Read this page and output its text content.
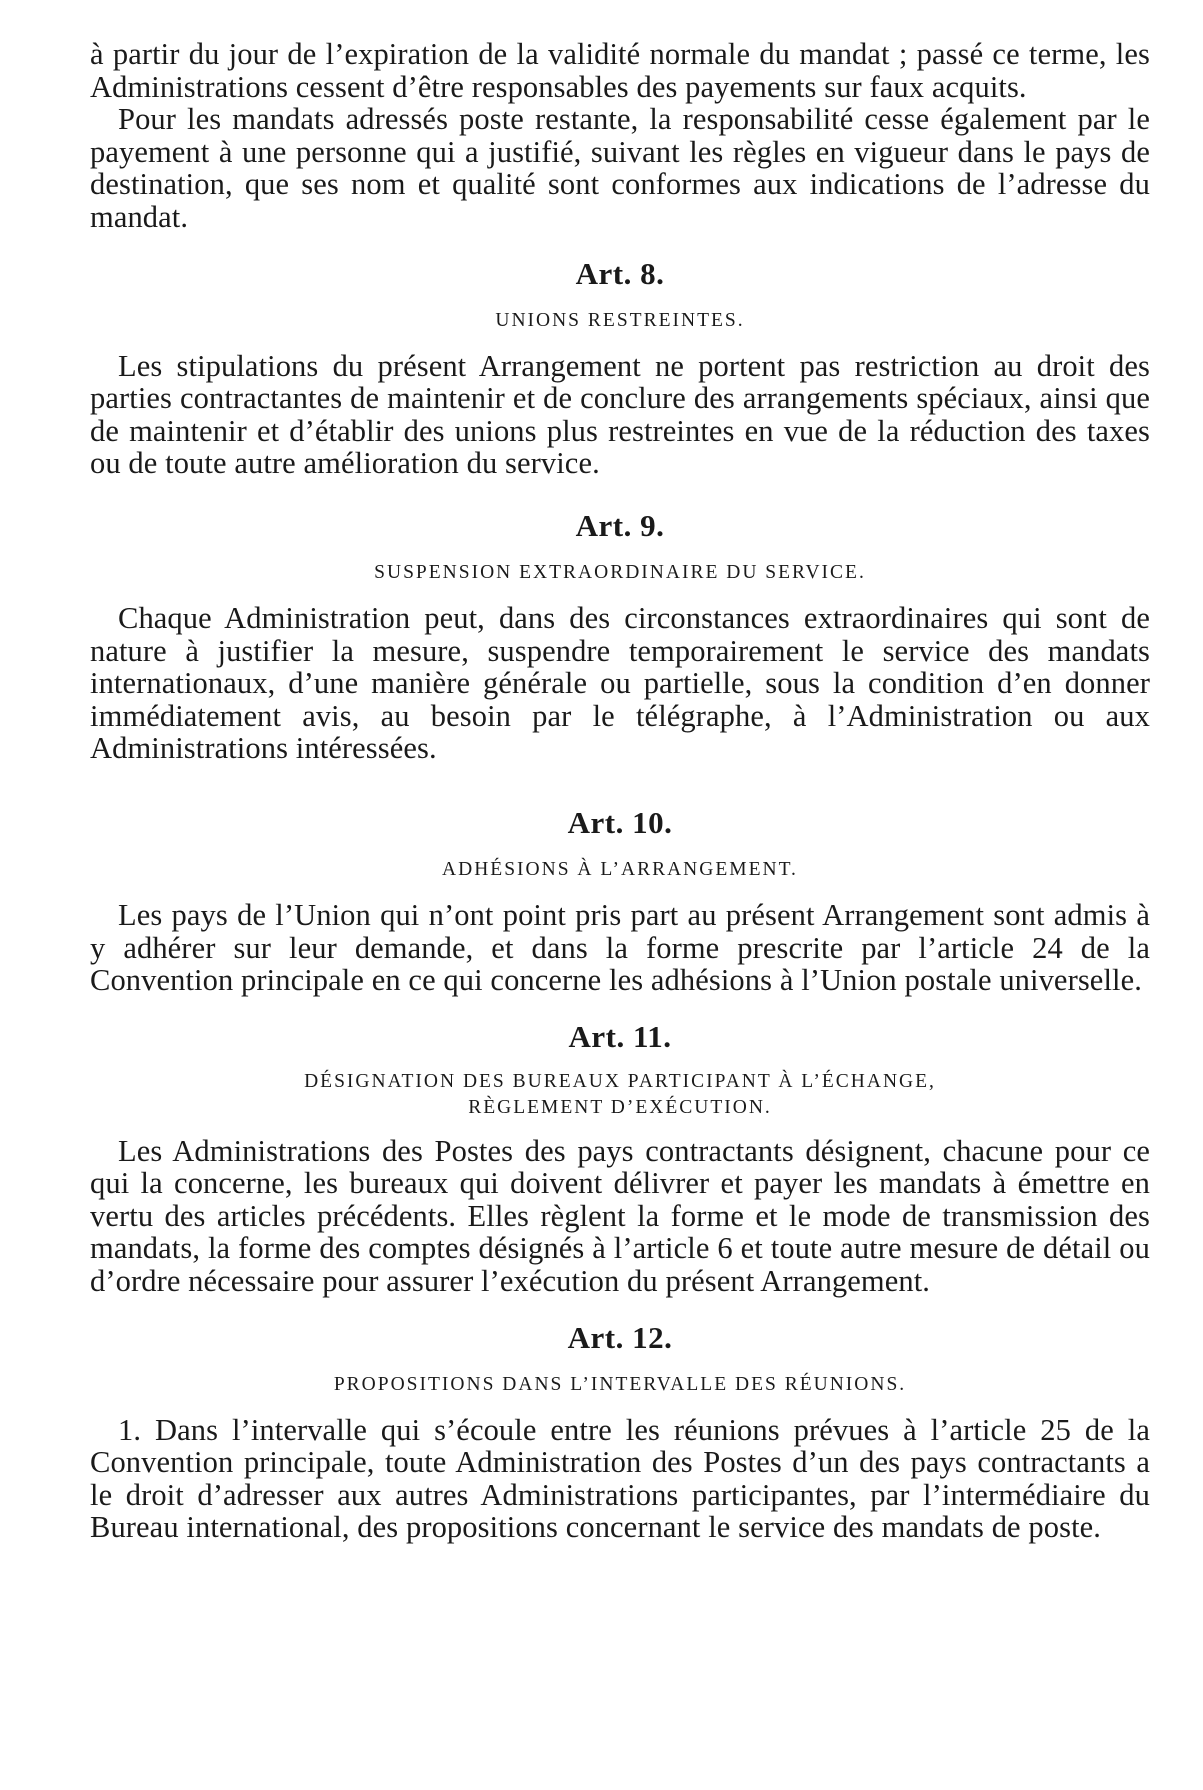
à partir du jour de l’expiration de la validité normale du mandat ; passé ce terme, les Administrations cessent d’être responsables des payements sur faux acquits.

Pour les mandats adressés poste restante, la responsabilité cesse également par le payement à une personne qui a justifié, suivant les règles en vigueur dans le pays de destination, que ses nom et qualité sont conformes aux indications de l’adresse du mandat.

Art. 8.

UNIONS RESTREINTES.

Les stipulations du présent Arrangement ne portent pas restriction au droit des parties contractantes de maintenir et de conclure des arrangements spéciaux, ainsi que de maintenir et d’établir des unions plus restreintes en vue de la réduction des taxes ou de toute autre amélioration du service.

Art. 9.

SUSPENSION EXTRAORDINAIRE DU SERVICE.

Chaque Administration peut, dans des circonstances extraordinaires qui sont de nature à justifier la mesure, suspendre temporairement le service des mandats internationaux, d’une manière générale ou partielle, sous la condition d’en donner immédiatement avis, au besoin par le télégraphe, à l’Administration ou aux Administrations intéressées.

Art. 10.

ADHÉSIONS À L’ARRANGEMENT.

Les pays de l’Union qui n’ont point pris part au présent Arrangement sont admis à y adhérer sur leur demande, et dans la forme prescrite par l’article 24 de la Convention principale en ce qui concerne les adhésions à l’Union postale universelle.

Art. 11.

DÉSIGNATION DES BUREAUX PARTICIPANT À L’ÉCHANGE,

RÈGLEMENT D’EXÉCUTION.

Les Administrations des Postes des pays contractants désignent, chacune pour ce qui la concerne, les bureaux qui doivent délivrer et payer les mandats à émettre en vertu des articles précédents. Elles règlent la forme et le mode de transmission des mandats, la forme des comptes désignés à l’article 6 et toute autre mesure de détail ou d’ordre nécessaire pour assurer l’exécution du présent Arrangement.

Art. 12.

PROPOSITIONS DANS L’INTERVALLE DES RÉUNIONS.

1. Dans l’intervalle qui s’écoule entre les réunions prévues à l’article 25 de la Convention principale, toute Administration des Postes d’un des pays contractants a le droit d’adresser aux autres Administrations participantes, par l’intermédiaire du Bureau international, des propositions concernant le service des mandats de poste.
